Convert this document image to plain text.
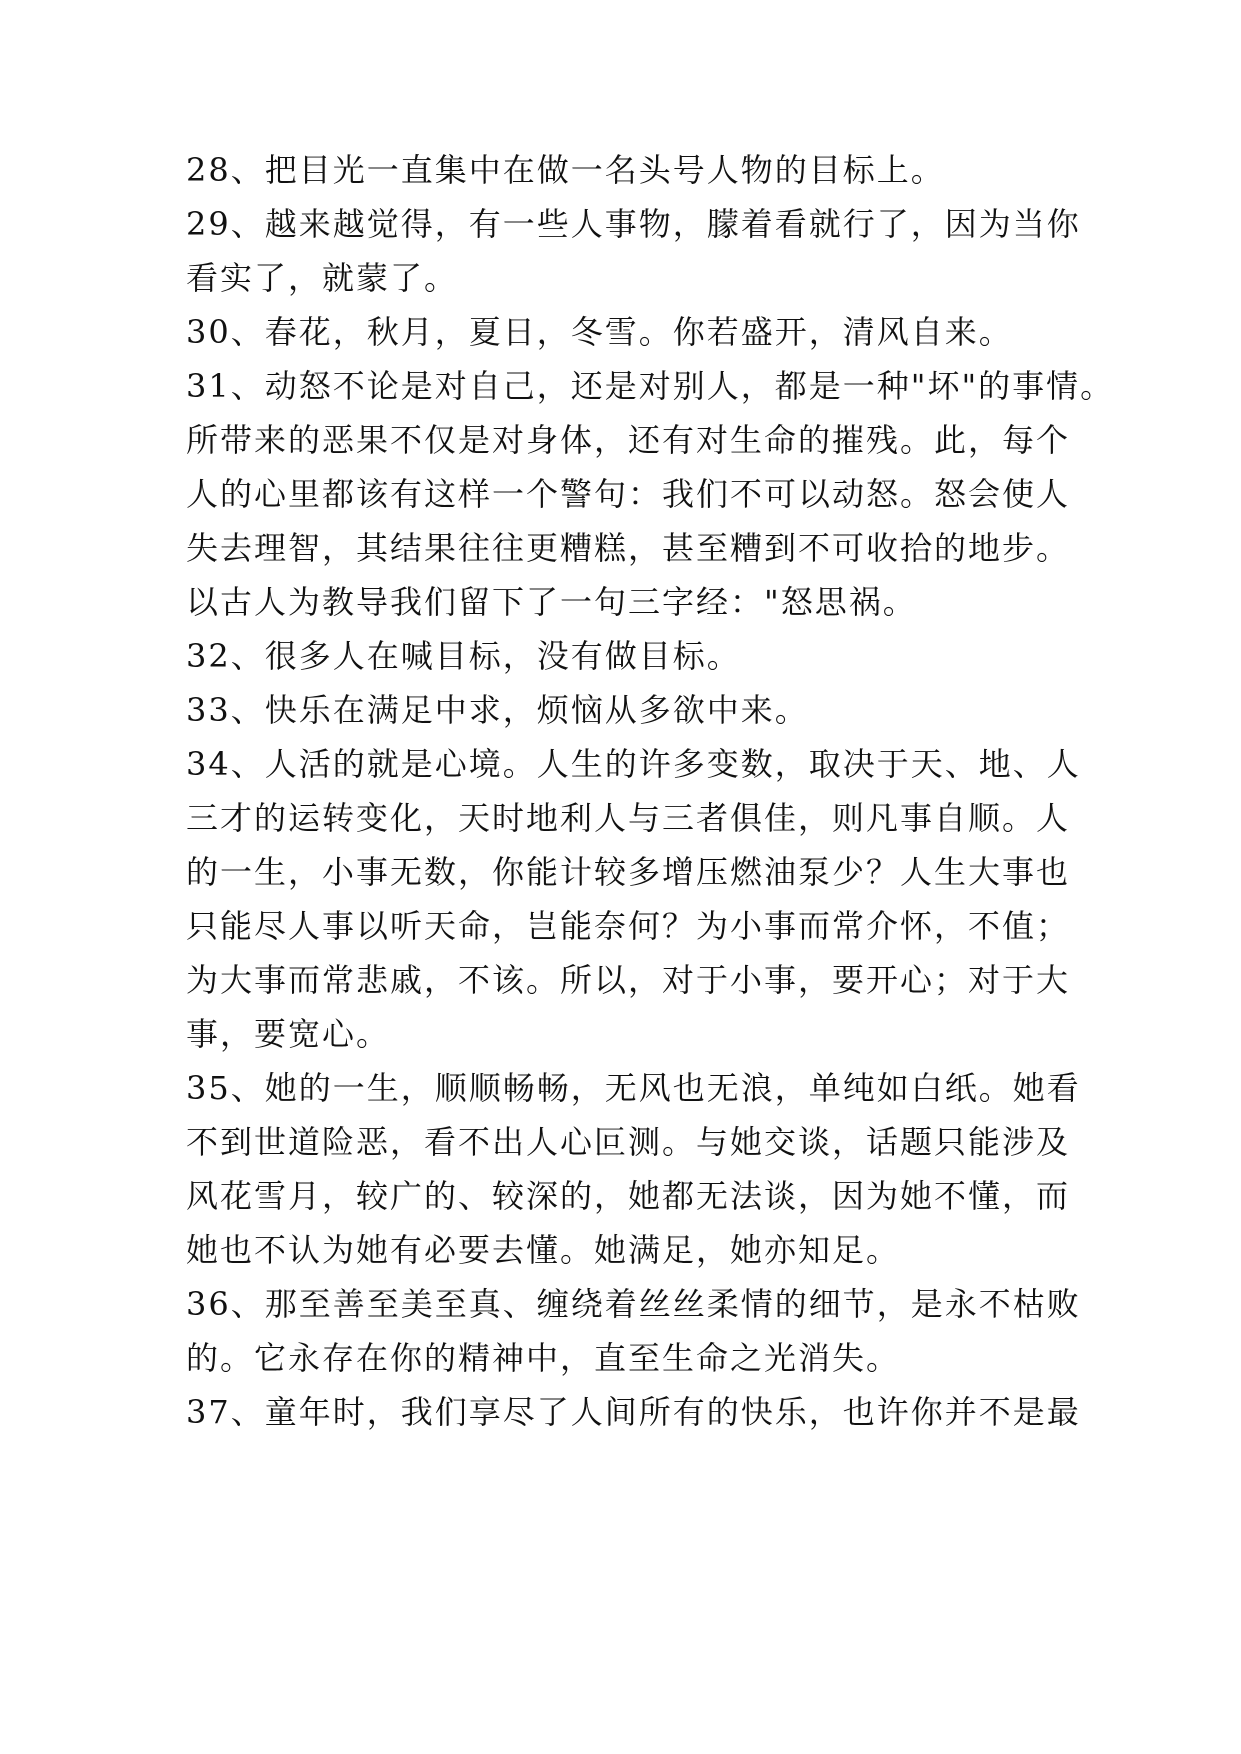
28、把目光一直集中在做一名头号人物的目标上。
29、越来越觉得，有一些人事物，朦着看就行了，因为当你
看实了，就蒙了。
30、春花，秋月，夏日，冬雪。你若盛开，清风自来。
31、动怒不论是对自己，还是对别人，都是一种"坏"的事情。
所带来的恶果不仅是对身体，还有对生命的摧残。此，每个
人的心里都该有这样一个警句：我们不可以动怒。怒会使人
失去理智，其结果往往更糟糕，甚至糟到不可收拾的地步。
以古人为教导我们留下了一句三字经："怒思祸。
32、很多人在喊目标，没有做目标。
33、快乐在满足中求，烦恼从多欲中来。
34、人活的就是心境。人生的许多变数，取决于天、地、人
三才的运转变化，天时地利人与三者俱佳，则凡事自顺。人
的一生，小事无数，你能计较多增压燃油泵少？人生大事也
只能尽人事以听天命，岂能奈何？为小事而常介怀，不值；
为大事而常悲戚，不该。所以，对于小事，要开心；对于大
事，要宽心。
35、她的一生，顺顺畅畅，无风也无浪，单纯如白纸。她看
不到世道险恶，看不出人心叵测。与她交谈，话题只能涉及
风花雪月，较广的、较深的，她都无法谈，因为她不懂，而
她也不认为她有必要去懂。她满足，她亦知足。
36、那至善至美至真、缠绕着丝丝柔情的细节，是永不枯败
的。它永存在你的精神中，直至生命之光消失。
37、童年时，我们享尽了人间所有的快乐，也许你并不是最
